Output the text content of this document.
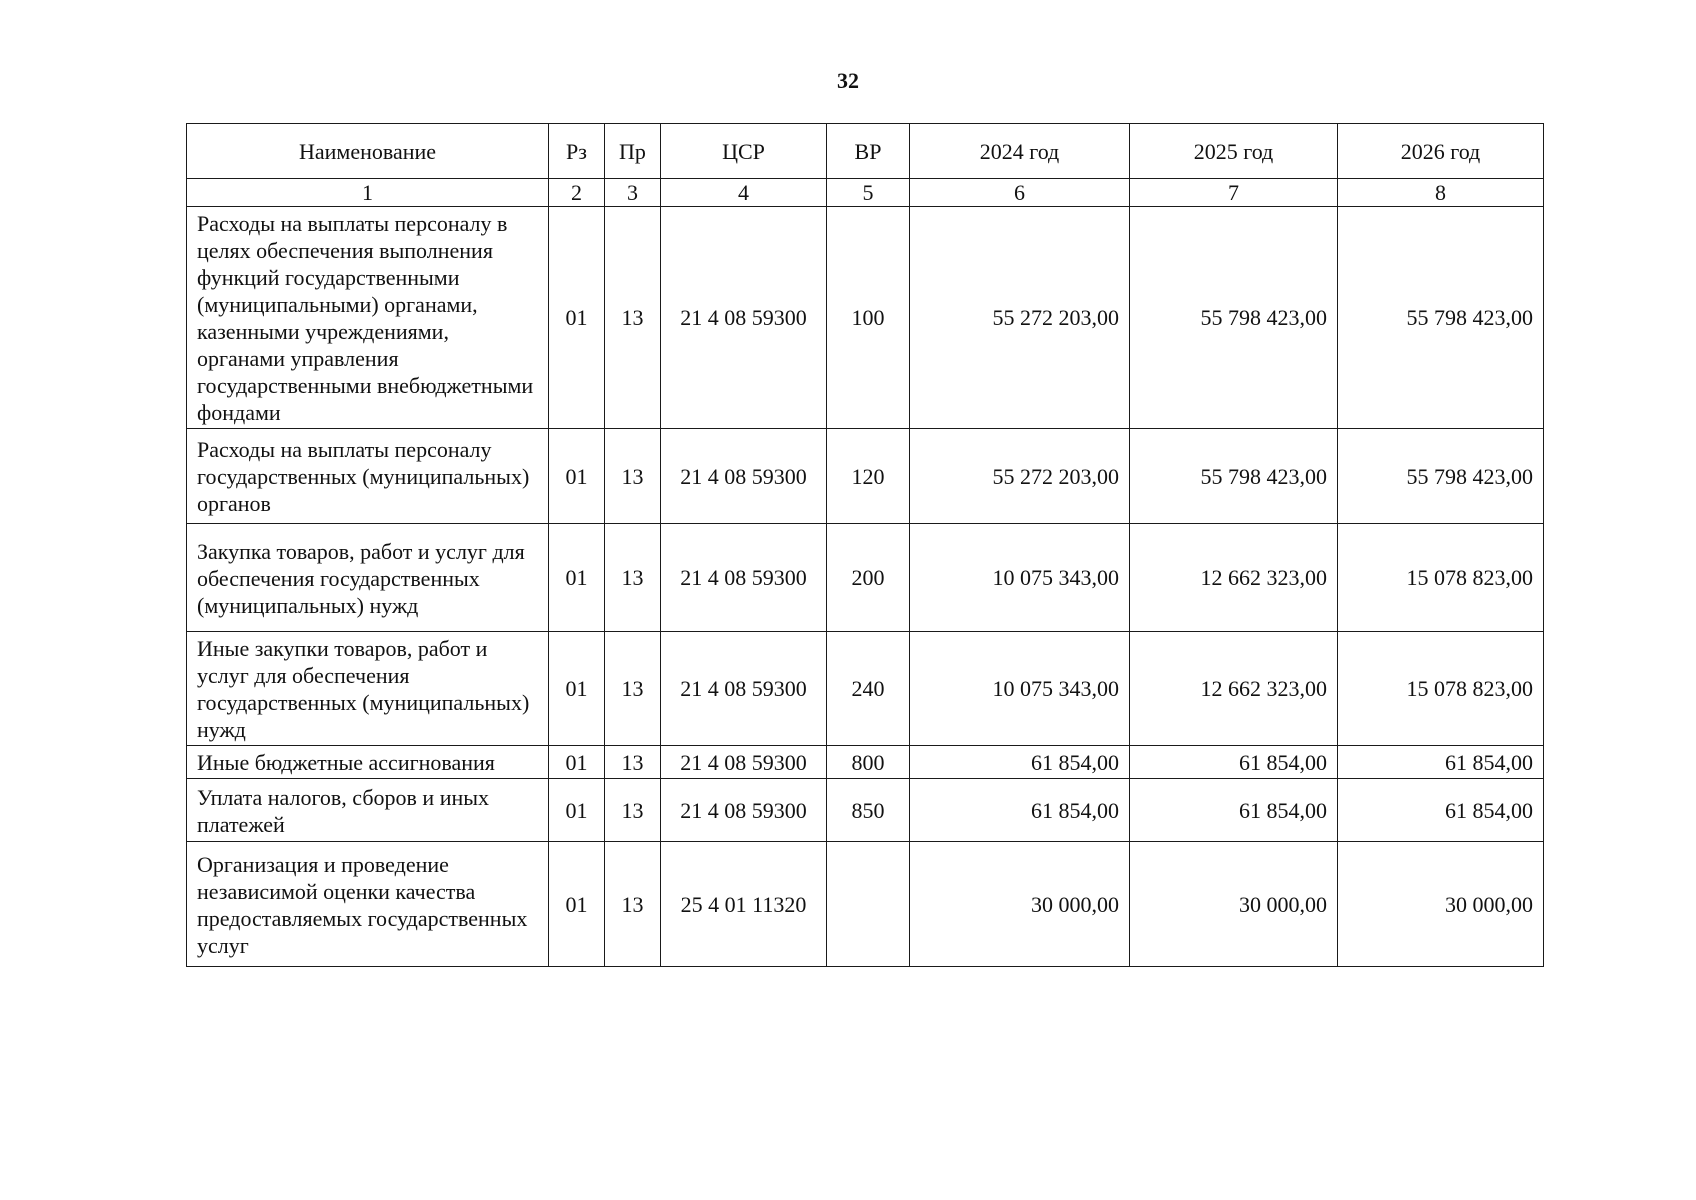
32
Наименование	Рз	Пр	ЦСР	ВР	2024 год	2025 год	2026 год
1	2	3	4	5	6	7	8
Расходы на выплаты персоналу в целях обеспечения выполнения функций государственными (муниципальными) органами, казенными учреждениями, органами управления государственными внебюджетными фондами	01	13	21 4 08 59300	100	55 272 203,00	55 798 423,00	55 798 423,00
Расходы на выплаты персоналу государственных (муниципальных) органов	01	13	21 4 08 59300	120	55 272 203,00	55 798 423,00	55 798 423,00
Закупка товаров, работ и услуг для обеспечения государственных (муниципальных) нужд	01	13	21 4 08 59300	200	10 075 343,00	12 662 323,00	15 078 823,00
Иные закупки товаров, работ и услуг для обеспечения государственных (муниципальных) нужд	01	13	21 4 08 59300	240	10 075 343,00	12 662 323,00	15 078 823,00
Иные бюджетные ассигнования	01	13	21 4 08 59300	800	61 854,00	61 854,00	61 854,00
Уплата налогов, сборов и иных платежей	01	13	21 4 08 59300	850	61 854,00	61 854,00	61 854,00
Организация и проведение независимой оценки качества предоставляемых государственных услуг	01	13	25 4 01 11320		30 000,00	30 000,00	30 000,00
